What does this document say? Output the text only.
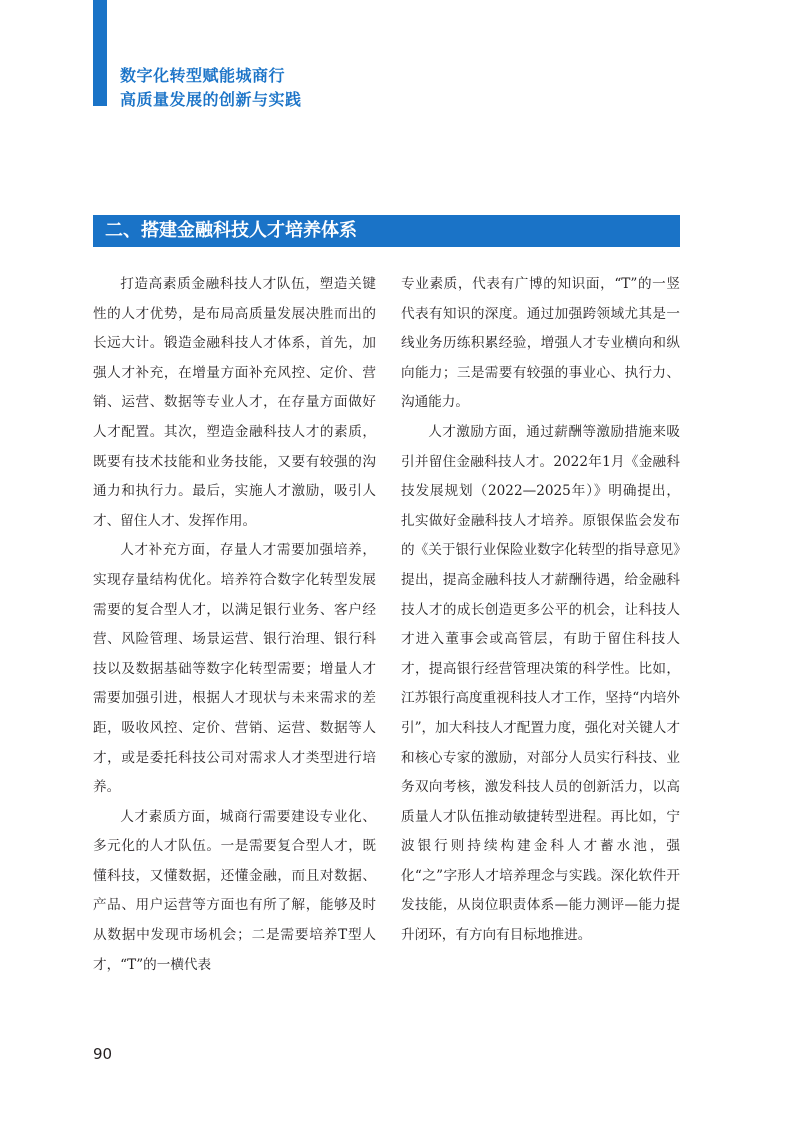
数字化转型赋能城商行
高质量发展的创新与实践
二、搭建金融科技人才培养体系

打造高素质金融科技人才队伍，塑造关键性的人才优势，是布局高质量发展决胜而出的长远大计。锻造金融科技人才体系，首先，加强人才补充，在增量方面补充风控、定价、营销、运营、数据等专业人才，在存量方面做好人才配置。其次，塑造金融科技人才的素质，既要有技术技能和业务技能，又要有较强的沟通力和执行力。最后，实施人才激励，吸引人才、留住人才、发挥作用。

人才补充方面，存量人才需要加强培养，实现存量结构优化。培养符合数字化转型发展需要的复合型人才，以满足银行业务、客户经营、风险管理、场景运营、银行治理、银行科技以及数据基础等数字化转型需要；增量人才需要加强引进，根据人才现状与未来需求的差距，吸收风控、定价、营销、运营、数据等人才，或是委托科技公司对需求人才类型进行培养。

人才素质方面，城商行需要建设专业化、多元化的人才队伍。一是需要复合型人才，既懂科技，又懂数据，还懂金融，而且对数据、产品、用户运营等方面也有所了解，能够及时从数据中发现市场机会；二是需要培养T型人才，“T”的一横代表

专业素质，代表有广博的知识面，“T”的一竖代表有知识的深度。通过加强跨领域尤其是一线业务历练积累经验，增强人才专业横向和纵向能力；三是需要有较强的事业心、执行力、沟通能力。

人才激励方面，通过薪酬等激励措施来吸引并留住金融科技人才。2022年1月《金融科技发展规划（2022—2025年）》明确提出，扎实做好金融科技人才培养。原银保监会发布的《关于银行业保险业数字化转型的指导意见》提出，提高金融科技人才薪酬待遇，给金融科技人才的成长创造更多公平的机会，让科技人才进入董事会或高管层，有助于留住科技人才，提高银行经营管理决策的科学性。比如，江苏银行高度重视科技人才工作，坚持“内培外引”，加大科技人才配置力度，强化对关键人才和核心专家的激励，对部分人员实行科技、业务双向考核，激发科技人员的创新活力，以高质量人才队伍推动敏捷转型进程。再比如，宁波银行则持续构建金科人才蓄水池，强化“之”字形人才培养理念与实践。深化软件开发技能，从岗位职责体系—能力测评—能力提升闭环，有方向有目标地推进。

90
